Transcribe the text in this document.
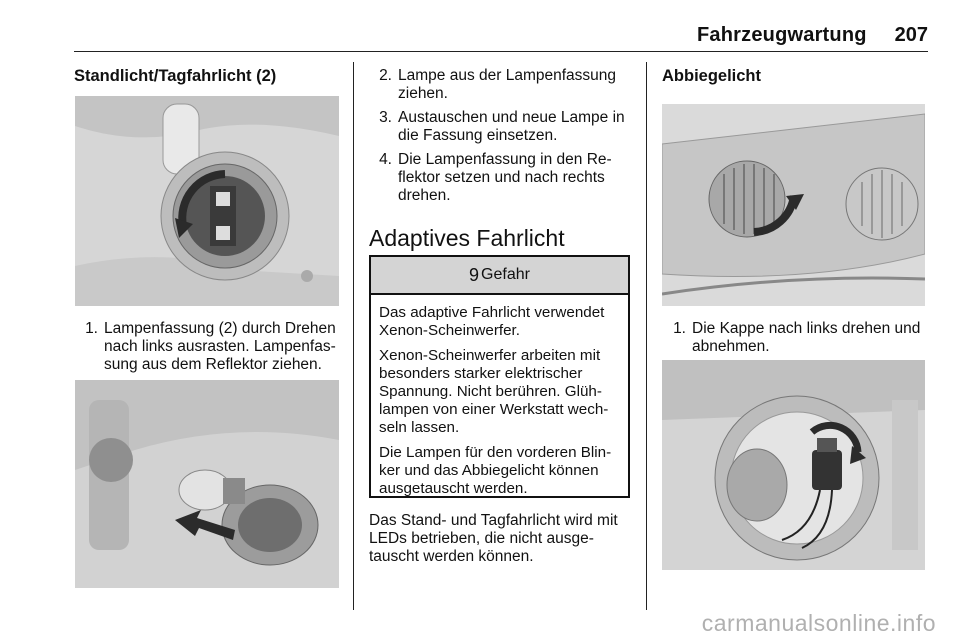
Fahrzeugwartung 207
Standlicht/Tagfahrlicht (2)
1. Lampenfassung (2) durch Drehen nach links ausrasten. Lampenfassung aus dem Reflektor ziehen.
2. Lampe aus der Lampenfassung ziehen.
3. Austauschen und neue Lampe in die Fassung einsetzen.
4. Die Lampenfassung in den Reflektor setzen und nach rechts drehen.
Adaptives Fahrlicht
9 Gefahr

Das adaptive Fahrlicht verwendet Xenon-Scheinwerfer.

Xenon-Scheinwerfer arbeiten mit besonders starker elektrischer Spannung. Nicht berühren. Glühlampen von einer Werkstatt wechseln lassen.

Die Lampen für den vorderen Blinker und das Abbiegelicht können ausgetauscht werden.

Das Stand- und Tagfahrlicht wird mit LEDs betrieben, die nicht ausgetauscht werden können.

Abbiegelicht
1. Die Kappe nach links drehen und abnehmen.
carmanualsonline.info
